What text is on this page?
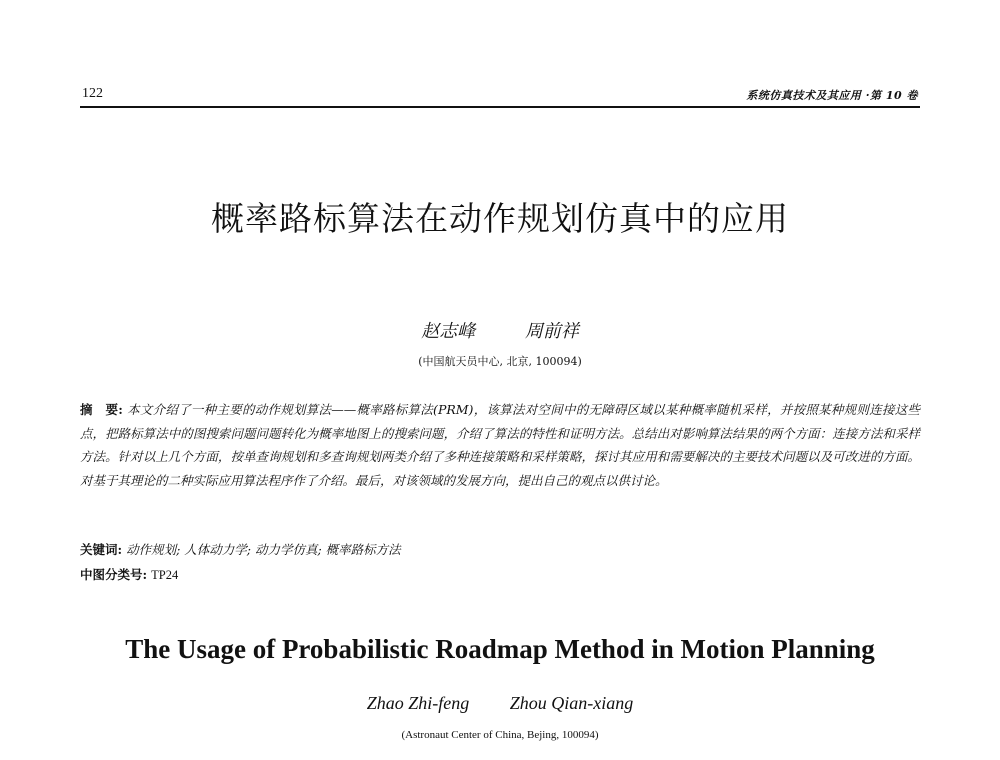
122	系统仿真技术及其应用 ·第 10 卷
概率路标算法在动作规划仿真中的应用
赵志峰	周前祥
(中国航天员中心, 北京, 100094)
摘　要: 本文介绍了一种主要的动作规划算法——概率路标算法(PRM)，该算法对空间中的无障碍区域以某种概率随机采样，并按照某种规则连接这些点，把路标算法中的图搜索问题问题转化为概率地图上的搜索问题，介绍了算法的特性和证明方法。总结出对影响算法结果的两个方面：连接方法和采样方法。针对以上几个方面，按单查询规划和多查询规划两类介绍了多种连接策略和采样策略，探讨其应用和需要解决的主要技术问题以及可改进的方面。对基于其理论的二种实际应用算法程序作了介绍。最后，对该领域的发展方向，提出自己的观点以供讨论。
关键词: 动作规划; 人体动力学; 动力学仿真; 概率路标方法
中图分类号: TP24
The Usage of Probabilistic Roadmap Method in Motion Planning
Zhao Zhi-feng Zhou Qian-xiang
(Astronaut Center of China, Bejing, 100094)
